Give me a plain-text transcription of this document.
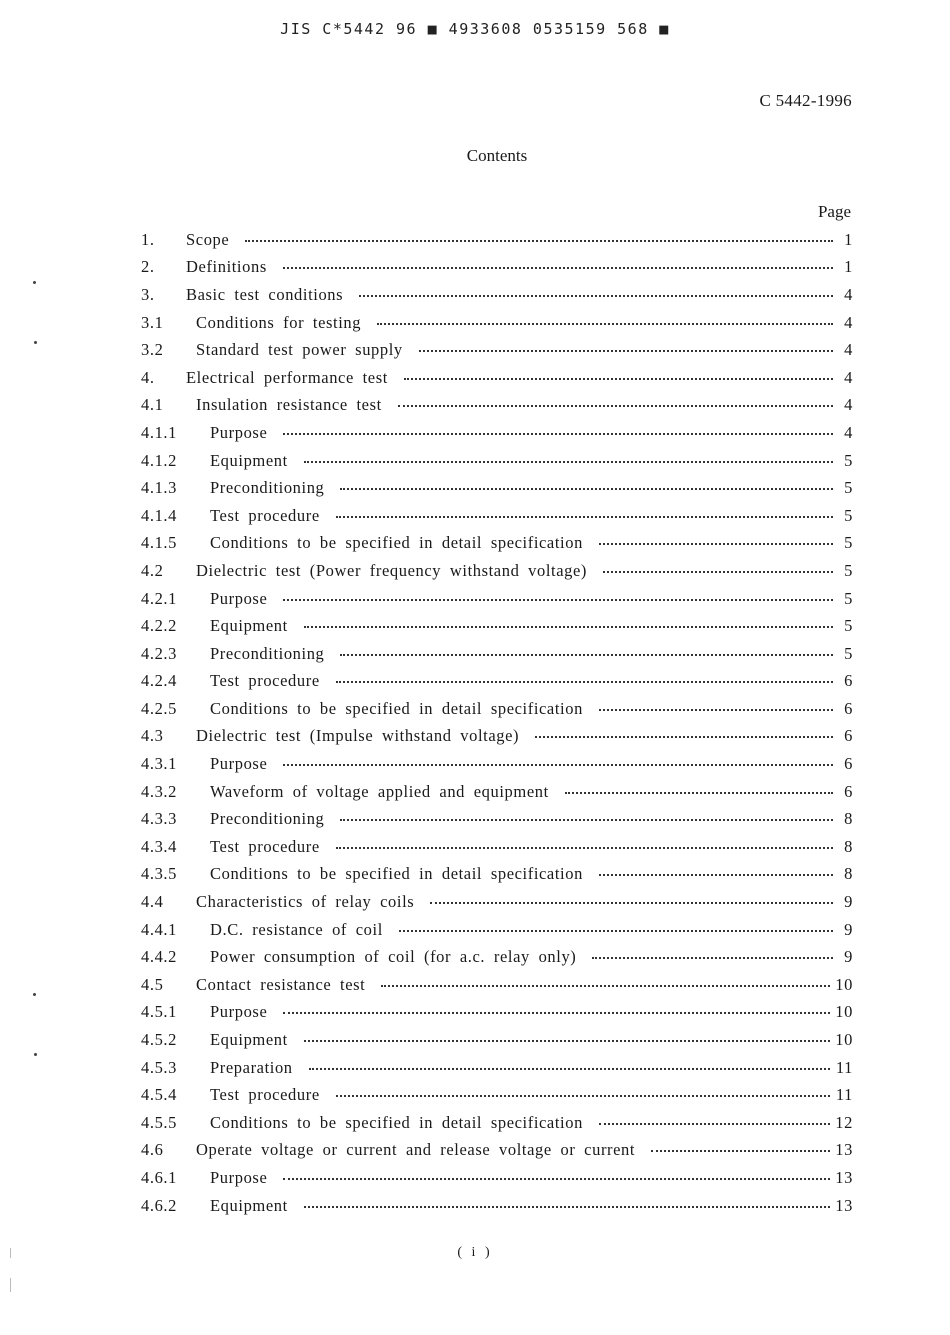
JIS C*5442 96 ■ 4933608 0535159 568 ■
C 5442-1996
Contents
Page
1. Scope	1
2. Definitions	1
3. Basic test conditions	4
3.1 Conditions for testing	4
3.2 Standard test power supply	4
4. Electrical performance test	4
4.1 Insulation resistance test	4
4.1.1 Purpose	4
4.1.2 Equipment	5
4.1.3 Preconditioning	5
4.1.4 Test procedure	5
4.1.5 Conditions to be specified in detail specification	5
4.2 Dielectric test (Power frequency withstand voltage)	5
4.2.1 Purpose	5
4.2.2 Equipment	5
4.2.3 Preconditioning	5
4.2.4 Test procedure	6
4.2.5 Conditions to be specified in detail specification	6
4.3 Dielectric test (Impulse withstand voltage)	6
4.3.1 Purpose	6
4.3.2 Waveform of voltage applied and equipment	6
4.3.3 Preconditioning	8
4.3.4 Test procedure	8
4.3.5 Conditions to be specified in detail specification	8
4.4 Characteristics of relay coils	9
4.4.1 D.C. resistance of coil	9
4.4.2 Power consumption of coil (for a.c. relay only)	9
4.5 Contact resistance test	10
4.5.1 Purpose	10
4.5.2 Equipment	10
4.5.3 Preparation	11
4.5.4 Test procedure	11
4.5.5 Conditions to be specified in detail specification	12
4.6 Operate voltage or current and release voltage or current	13
4.6.1 Purpose	13
4.6.2 Equipment	13
( i )
